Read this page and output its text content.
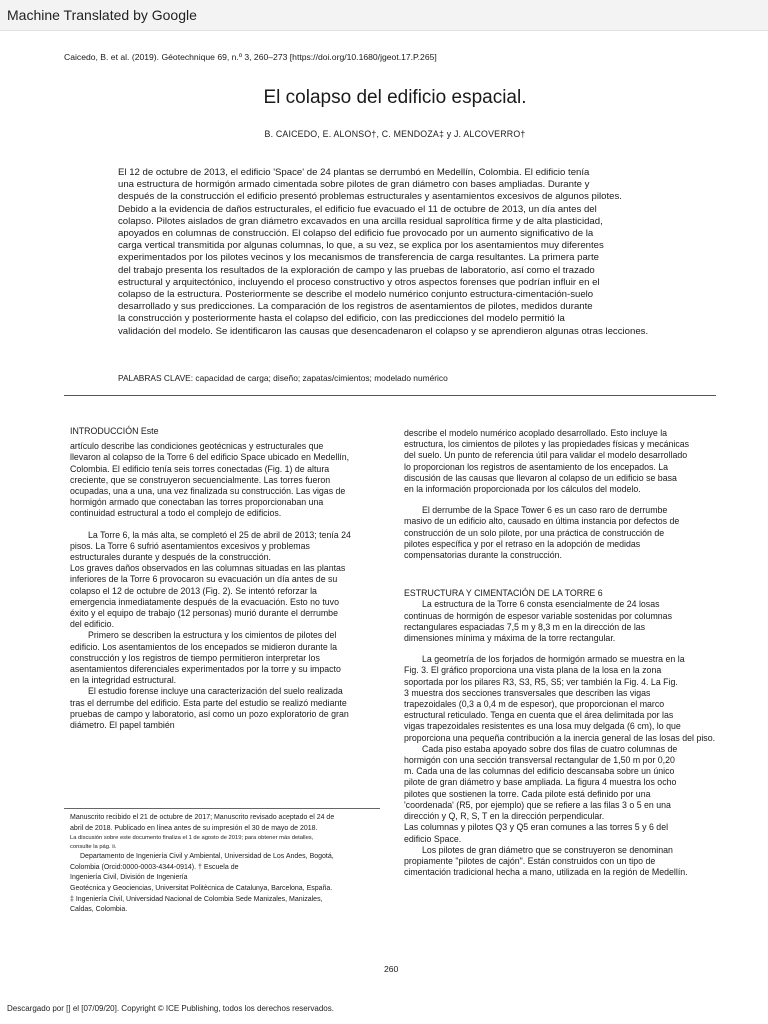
Machine Translated by Google
Caicedo, B. et al. (2019). Géotechnique 69, n.º 3, 260–273 [https://doi.org/10.1680/jgeot.17.P.265]
El colapso del edificio espacial.
B. CAICEDO, E. ALONSO†, C. MENDOZA‡ y J. ALCOVERRO†
El 12 de octubre de 2013, el edificio 'Space' de 24 plantas se derrumbó en Medellín, Colombia. El edificio tenía
una estructura de hormigón armado cimentada sobre pilotes de gran diámetro con bases ampliadas. Durante y
después de la construcción el edificio presentó problemas estructurales y asentamientos excesivos de algunos pilotes.
Debido a la evidencia de daños estructurales, el edificio fue evacuado el 11 de octubre de 2013, un día antes del
colapso. Pilotes aislados de gran diámetro excavados en una arcilla residual saprolítica firme y de alta plasticidad,
apoyados en columnas de construcción. El colapso del edificio fue provocado por un aumento significativo de la
carga vertical transmitida por algunas columnas, lo que, a su vez, se explica por los asentamientos muy diferentes
experimentados por los pilotes vecinos y los mecanismos de transferencia de carga resultantes. La primera parte
del trabajo presenta los resultados de la exploración de campo y las pruebas de laboratorio, así como el trazado
estructural y arquitectónico, incluyendo el proceso constructivo y otros aspectos forenses que podrían influir en el
colapso de la estructura. Posteriormente se describe el modelo numérico conjunto estructura-cimentación-suelo
desarrollado y sus predicciones. La comparación de los registros de asentamientos de pilotes, medidos durante
la construcción y posteriormente hasta el colapso del edificio, con las predicciones del modelo permitió la
validación del modelo. Se identificaron las causas que desencadenaron el colapso y se aprendieron algunas otras lecciones.
PALABRAS CLAVE: capacidad de carga; diseño; zapatas/cimientos; modelado numérico
INTRODUCCIÓN Este
artículo describe las condiciones geotécnicas y estructurales que
llevaron al colapso de la Torre 6 del edificio Space ubicado en Medellín,
Colombia. El edificio tenía seis torres conectadas (Fig. 1) de altura
creciente, que se construyeron secuencialmente. Las torres fueron
ocupadas, una a una, una vez finalizada su construcción. Las vigas de
hormigón armado que conectaban las torres proporcionaban una
continuidad estructural a todo el complejo de edificios.
La Torre 6, la más alta, se completó el 25 de abril de 2013; tenía 24
pisos. La Torre 6 sufrió asentamientos excesivos y problemas
estructurales durante y después de la construcción.
Los graves daños observados en las columnas situadas en las plantas
inferiores de la Torre 6 provocaron su evacuación un día antes de su
colapso el 12 de octubre de 2013 (Fig. 2). Se intentó reforzar la
emergencia inmediatamente después de la evacuación. Esto no tuvo
éxito y el equipo de trabajo (12 personas) murió durante el derrumbe
del edificio.
Primero se describen la estructura y los cimientos de pilotes del
edificio. Los asentamientos de los encepados se midieron durante la
construcción y los registros de tiempo permitieron interpretar los
asentamientos diferenciales experimentados por la torre y su impacto
en la integridad estructural.
El estudio forense incluye una caracterización del suelo realizada
tras el derrumbe del edificio. Esta parte del estudio se realizó mediante
pruebas de campo y laboratorio, así como un pozo exploratorio de gran
diámetro. El papel también
Manuscrito recibido el 21 de octubre de 2017; Manuscrito revisado aceptado el 24 de
abril de 2018. Publicado en línea antes de su impresión el 30 de mayo de 2018.
La discusión sobre este documento finaliza el 1 de agosto de 2019; para obtener más detalles,
consulte la pág. ii.
Departamento de Ingeniería Civil y Ambiental, Universidad de Los Andes, Bogotá,
Colombia (Orcid:0000-0003-4344-0914). † Escuela de
Ingeniería Civil, División de Ingeniería
Geotécnica y Geociencias, Universitat Politècnica de Catalunya, Barcelona, España.
‡ Ingeniería Civil, Universidad Nacional de Colombia Sede Manizales, Manizales,
Caldas, Colombia.
describe el modelo numérico acoplado desarrollado. Esto incluye la
estructura, los cimientos de pilotes y las propiedades físicas y mecánicas
del suelo. Un punto de referencia útil para validar el modelo desarrollado
lo proporcionan los registros de asentamiento de los encepados. La
discusión de las causas que llevaron al colapso de un edificio se basa
en la información proporcionada por los cálculos del modelo.
El derrumbe de la Space Tower 6 es un caso raro de derrumbe
masivo de un edificio alto, causado en última instancia por defectos de
construcción de un solo pilote, por una práctica de construcción de
pilotes específica y por el retraso en la adopción de medidas
compensatorias durante la construcción.
ESTRUCTURA Y CIMENTACIÓN DE LA TORRE 6
La estructura de la Torre 6 consta esencialmente de 24 losas
continuas de hormigón de espesor variable sostenidas por columnas
rectangulares espaciadas 7,5 m y 8,3 m en la dirección de las
dimensiones mínima y máxima de la torre rectangular.
La geometría de los forjados de hormigón armado se muestra en la
Fig. 3. El gráfico proporciona una vista plana de la losa en la zona
soportada por los pilares R3, S3, R5, S5; ver también la Fig. 4. La Fig.
3 muestra dos secciones transversales que describen las vigas
trapezoidales (0,3 a 0,4 m de espesor), que proporcionan el marco
estructural reticulado. Tenga en cuenta que el área delimitada por las
vigas trapezoidales resistentes es una losa muy delgada (6 cm), lo que
proporciona una pequeña contribución a la inercia general de las losas del piso.
Cada piso estaba apoyado sobre dos filas de cuatro columnas de
hormigón con una sección transversal rectangular de 1,50 m por 0,20
m. Cada una de las columnas del edificio descansaba sobre un único
pilote de gran diámetro y base ampliada. La figura 4 muestra los ocho
pilotes que sostienen la torre. Cada pilote está definido por una
'coordenada' (R5, por ejemplo) que se refiere a las filas 3 o 5 en una
dirección y Q, R, S, T en la dirección perpendicular.
Las columnas y pilotes Q3 y Q5 eran comunes a las torres 5 y 6 del
edificio Space.
Los pilotes de gran diámetro que se construyeron se denominan
propiamente "pilotes de cajón". Están construidos con un tipo de
cimentación tradicional hecha a mano, utilizada en la región de Medellín.
260
Descargado por [] el [07/09/20]. Copyright © ICE Publishing, todos los derechos reservados.
